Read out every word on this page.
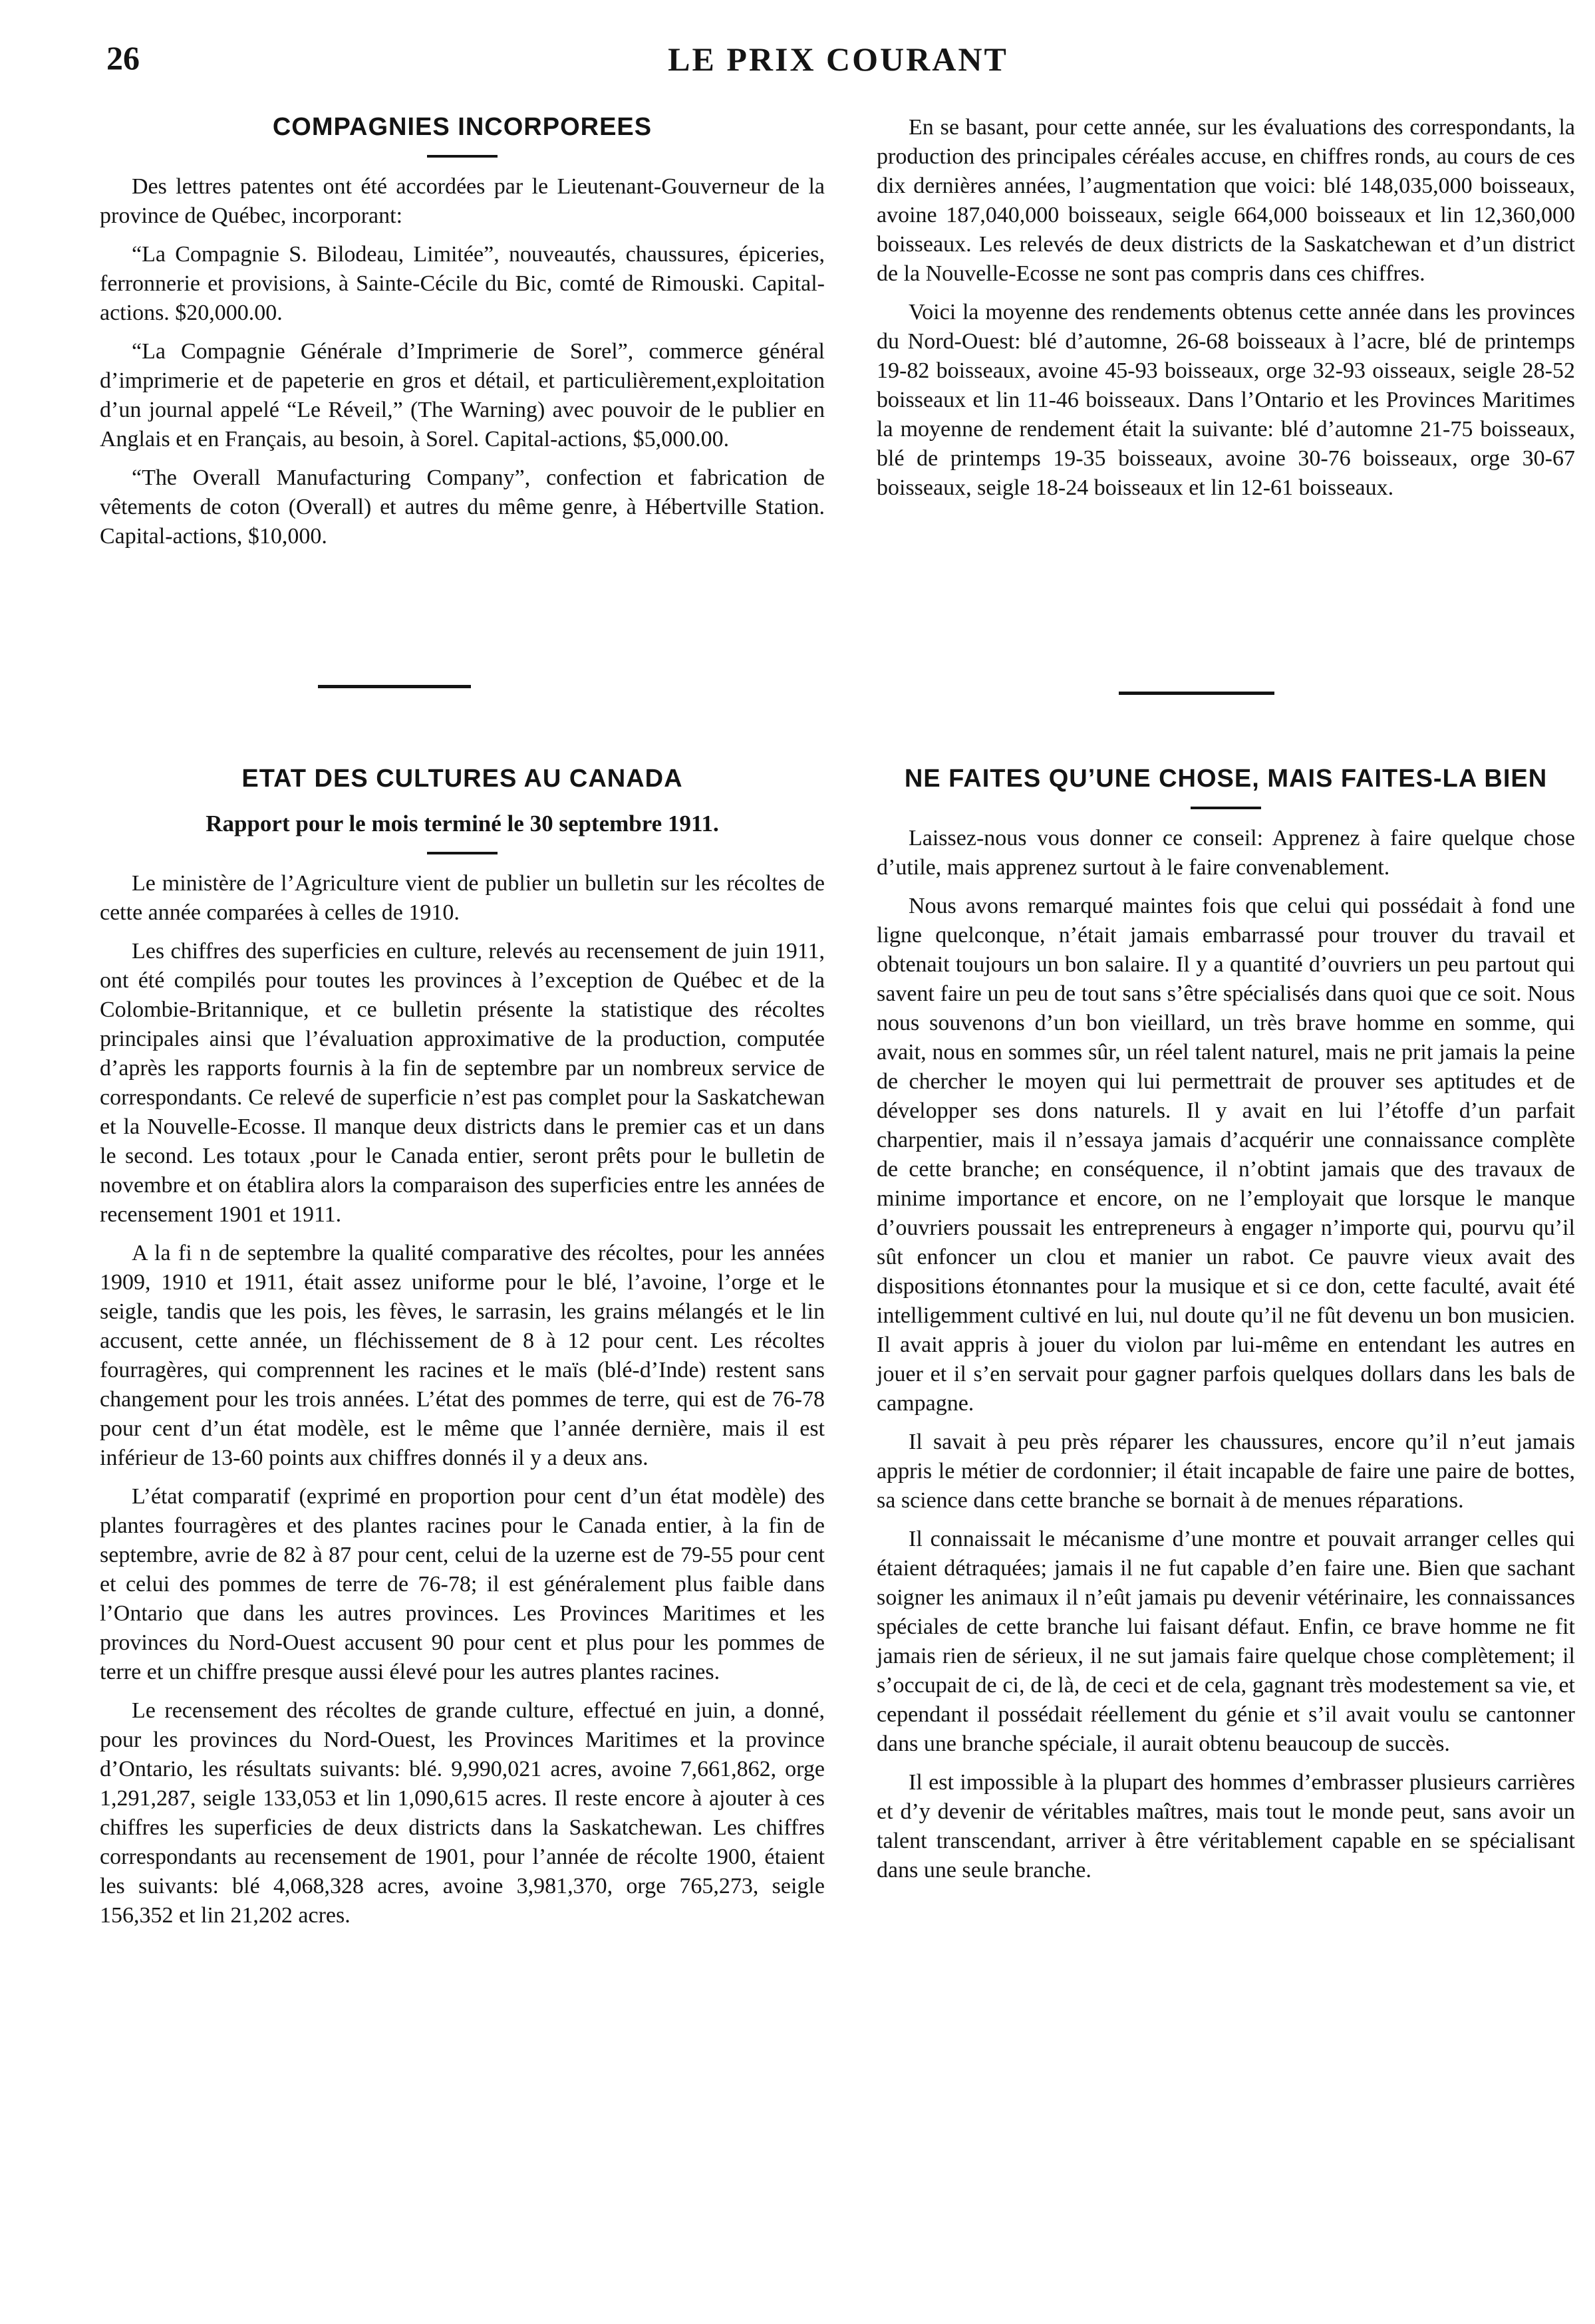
26	LE PRIX COURANT
COMPAGNIES INCORPOREES

Des lettres patentes ont été accordées par le Lieutenant-Gouverneur de la province de Québec, incorporant:

“La Compagnie S. Bilodeau, Limitée”, nouveautés, chaussures, épiceries, ferronnerie et provisions, à Sainte-Cécile du Bic, comté de Rimouski. Capital-actions. $20,000.00.

“La Compagnie Générale d’Imprimerie de Sorel”, commerce général d’imprimerie et de papeterie en gros et détail, et particulièrement,exploitation d’un journal appelé “Le Réveil,” (The Warning) avec pouvoir de le publier en Anglais et en Français, au besoin, à Sorel. Capital-actions, $5,000.00.

“The Overall Manufacturing Company”, confection et fabrication de vêtements de coton (Overall) et autres du même genre, à Hébertville Station. Capital-actions, $10,000.

En se basant, pour cette année, sur les évaluations des correspondants, la production des principales céréales accuse, en chiffres ronds, au cours de ces dix dernières années, l’augmentation que voici: blé 148,035,000 boisseaux, avoine 187,040,000 boisseaux, seigle 664,000 boisseaux et lin 12,360,000 boisseaux. Les relevés de deux districts de la Saskatchewan et d’un district de la Nouvelle-Ecosse ne sont pas compris dans ces chiffres.

Voici la moyenne des rendements obtenus cette année dans les provinces du Nord-Ouest: blé d’automne, 26-68 boisseaux à l’acre, blé de printemps 19-82 boisseaux, avoine 45-93 boisseaux, orge 32-93 oisseaux, seigle 28-52 boisseaux et lin 11-46 boisseaux. Dans l’Ontario et les Provinces Maritimes la moyenne de rendement était la suivante: blé d’automne 21-75 boisseaux, blé de printemps 19-35 boisseaux, avoine 30-76 boisseaux, orge 30-67 boisseaux, seigle 18-24 boisseaux et lin 12-61 boisseaux.

ETAT DES CULTURES AU CANADA
Rapport pour le mois terminé le 30 septembre 1911.

Le ministère de l’Agriculture vient de publier un bulletin sur les récoltes de cette année comparées à celles de 1910.

Les chiffres des superficies en culture, relevés au recensement de juin 1911, ont été compilés pour toutes les provinces à l’exception de Québec et de la Colombie-Britannique, et ce bulletin présente la statistique des récoltes principales ainsi que l’évaluation approximative de la production, computée d’après les rapports fournis à la fin de septembre par un nombreux service de correspondants. Ce relevé de superficie n’est pas complet pour la Saskatchewan et la Nouvelle-Ecosse. Il manque deux districts dans le premier cas et un dans le second. Les totaux ,pour le Canada entier, seront prêts pour le bulletin de novembre et on établira alors la comparaison des superficies entre les années de recensement 1901 et 1911.

A la fi n de septembre la qualité comparative des récoltes, pour les années 1909, 1910 et 1911, était assez uniforme pour le blé, l’avoine, l’orge et le seigle, tandis que les pois, les fèves, le sarrasin, les grains mélangés et le lin accusent, cette année, un fléchissement de 8 à 12 pour cent. Les récoltes fourragères, qui comprennent les racines et le maïs (blé-d’Inde) restent sans changement pour les trois années. L’état des pommes de terre, qui est de 76-78 pour cent d’un état modèle, est le même que l’année dernière, mais il est inférieur de 13-60 points aux chiffres donnés il y a deux ans.

L’état comparatif (exprimé en proportion pour cent d’un état modèle) des plantes fourragères et des plantes racines pour le Canada entier, à la fin de septembre, avrie de 82 à 87 pour cent, celui de la uzerne est de 79-55 pour cent et celui des pommes de terre de 76-78; il est généralement plus faible dans l’Ontario que dans les autres provinces. Les Provinces Maritimes et les provinces du Nord-Ouest accusent 90 pour cent et plus pour les pommes de terre et un chiffre presque aussi élevé pour les autres plantes racines.

Le recensement des récoltes de grande culture, effectué en juin, a donné, pour les provinces du Nord-Ouest, les Provinces Maritimes et la province d’Ontario, les résultats suivants: blé. 9,990,021 acres, avoine 7,661,862, orge 1,291,287, seigle 133,053 et lin 1,090,615 acres. Il reste encore à ajouter à ces chiffres les superficies de deux districts dans la Saskatchewan. Les chiffres correspondants au recensement de 1901, pour l’année de récolte 1900, étaient les suivants: blé 4,068,328 acres, avoine 3,981,370, orge 765,273, seigle 156,352 et lin 21,202 acres.

NE FAITES QU’UNE CHOSE, MAIS FAITES-LA BIEN

Laissez-nous vous donner ce conseil: Apprenez à faire quelque chose d’utile, mais apprenez surtout à le faire convenablement.

Nous avons remarqué maintes fois que celui qui possédait à fond une ligne quelconque, n’était jamais embarrassé pour trouver du travail et obtenait toujours un bon salaire. Il y a quantité d’ouvriers un peu partout qui savent faire un peu de tout sans s’être spécialisés dans quoi que ce soit. Nous nous souvenons d’un bon vieillard, un très brave homme en somme, qui avait, nous en sommes sûr, un réel talent naturel, mais ne prit jamais la peine de chercher le moyen qui lui permettrait de prouver ses aptitudes et de développer ses dons naturels. Il y avait en lui l’étoffe d’un parfait charpentier, mais il n’essaya jamais d’acquérir une connaissance complète de cette branche; en conséquence, il n’obtint jamais que des travaux de minime importance et encore, on ne l’employait que lorsque le manque d’ouvriers poussait les entrepreneurs à engager n’importe qui, pourvu qu’il sût enfoncer un clou et manier un rabot. Ce pauvre vieux avait des dispositions étonnantes pour la musique et si ce don, cette faculté, avait été intelligemment cultivé en lui, nul doute qu’il ne fût devenu un bon musicien. Il avait appris à jouer du violon par lui-même en entendant les autres en jouer et il s’en servait pour gagner parfois quelques dollars dans les bals de campagne.

Il savait à peu près réparer les chaussures, encore qu’il n’eut jamais appris le métier de cordonnier; il était incapable de faire une paire de bottes, sa science dans cette branche se bornait à de menues réparations.

Il connaissait le mécanisme d’une montre et pouvait arranger celles qui étaient détraquées; jamais il ne fut capable d’en faire une. Bien que sachant soigner les animaux il n’eût jamais pu devenir vétérinaire, les connaissances spéciales de cette branche lui faisant défaut. Enfin, ce brave homme ne fit jamais rien de sérieux, il ne sut jamais faire quelque chose complètement; il s’occupait de ci, de là, de ceci et de cela, gagnant très modestement sa vie, et cependant il possédait réellement du génie et s’il avait voulu se cantonner dans une branche spéciale, il aurait obtenu beaucoup de succès.

Il est impossible à la plupart des hommes d’embrasser plusieurs carrières et d’y devenir de véritables maîtres, mais tout le monde peut, sans avoir un talent transcendant, arriver à être véritablement capable en se spécialisant dans une seule branche.
